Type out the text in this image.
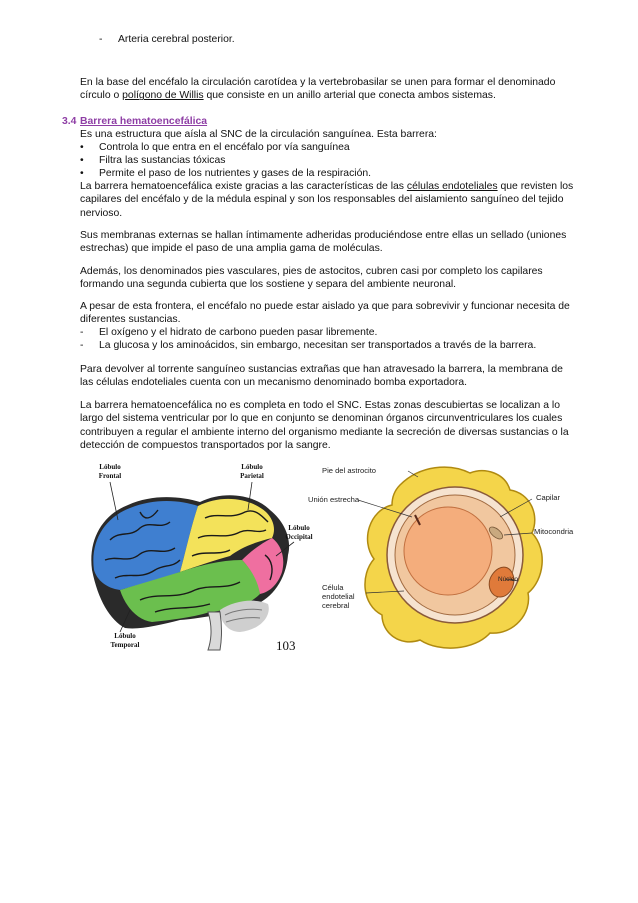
- Arteria cerebral posterior.

En la base del encéfalo la circulación carotídea y la vertebrobasilar se unen para formar el denominado
círculo o polígono de Willis que consiste en un anillo arterial que conecta ambos sistemas.

3.4 Barrera hematoencefálica
Es una estructura que aísla al SNC de la circulación sanguínea. Esta barrera:
• Controla lo que entra en el encéfalo por vía sanguínea
• Filtra las sustancias tóxicas
• Permite el paso de los nutrientes y gases de la respiración.

La barrera hematoencefálica existe gracias a las características de las células endoteliales que revisten los
capilares del encéfalo y de la médula espinal y son los responsables del aislamiento sanguíneo del tejido
nervioso.

Sus membranas externas se hallan íntimamente adheridas produciéndose entre ellas un sellado (uniones
estrechas) que impide el paso de una amplia gama de moléculas.

Además, los denominados pies vasculares, pies de astocitos, cubren casi por completo los capilares
formando una segunda cubierta que los sostiene y separa del ambiente neuronal.

A pesar de esta frontera, el encéfalo no puede estar aislado ya que para sobrevivir y funcionar necesita de
diferentes sustancias.

- El oxígeno y el hidrato de carbono pueden pasar libremente.
- La glucosa y los aminoácidos, sin embargo, necesitan ser transportados a través de la barrera.

Para devolver al torrente sanguíneo sustancias extrañas que han atravesado la barrera, la membrana de
las células endoteliales cuenta con un mecanismo denominado bomba exportadora.

La barrera hematoencefálica no es completa en todo el SNC. Estas zonas descubiertas se localizan a lo
largo del sistema ventricular por lo que en conjunto se denominan órganos circunventriculares los cuales
contribuyen a regular el ambiente interno del organismo mediante la secreción de diversas sustancias o la
detección de compuestos transportados por la sangre.

Lóbulo
Frontal
Lóbulo
Parietal
Lóbulo
Occipital
Lóbulo
Temporal	103
Pie del astrocito
Unión estrecha	Capilar
Mitocondria
Núcleo
Célula
endotelial
cerebral
